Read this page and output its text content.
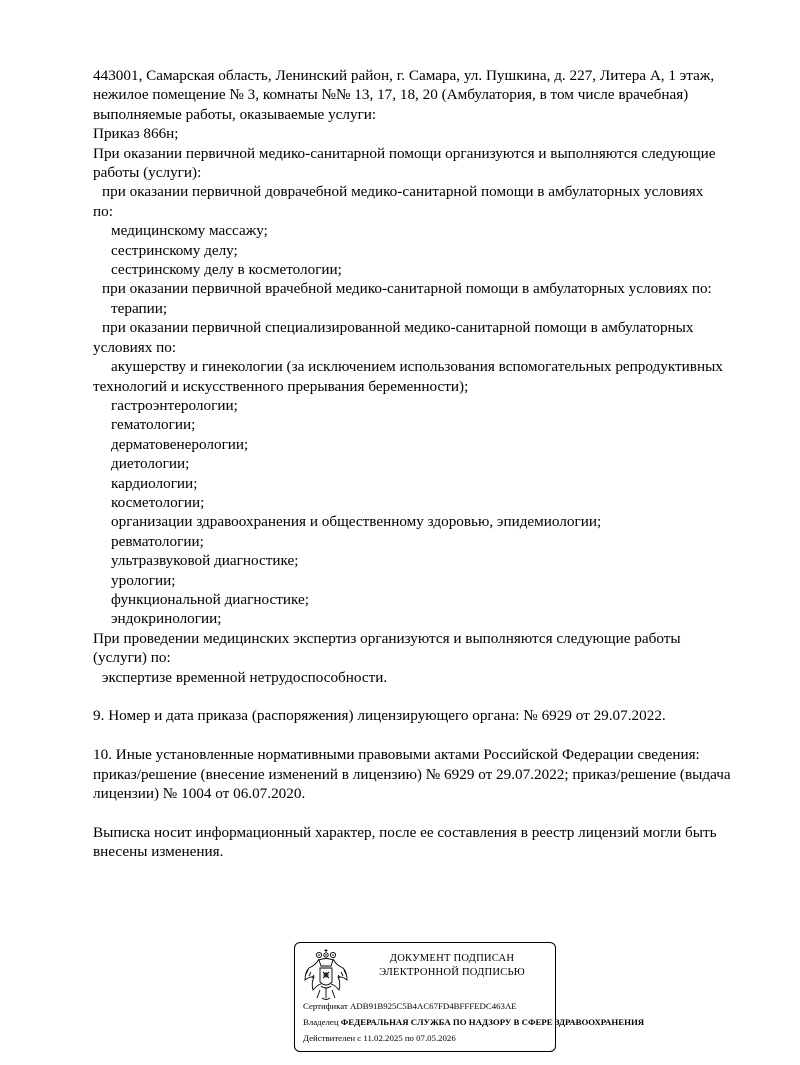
443001, Самарская область, Ленинский район, г. Самара, ул. Пушкина, д. 227, Литера А, 1 этаж,
нежилое помещение № 3, комнаты №№ 13, 17, 18, 20 (Амбулатория, в том числе врачебная)
выполняемые работы, оказываемые услуги:
Приказ 866н;
При оказании первичной медико-санитарной помощи организуются и выполняются следующие
работы (услуги):
при оказании первичной доврачебной медико-санитарной помощи в амбулаторных условиях
по:
медицинскому массажу;
сестринскому делу;
сестринскому делу в косметологии;
при оказании первичной врачебной медико-санитарной помощи в амбулаторных условиях по:
терапии;
при оказании первичной специализированной медико-санитарной помощи в амбулаторных
условиях по:
акушерству и гинекологии (за исключением использования вспомогательных репродуктивных
технологий и искусственного прерывания беременности);
гастроэнтерологии;
гематологии;
дерматовенерологии;
диетологии;
кардиологии;
косметологии;
организации здравоохранения и общественному здоровью, эпидемиологии;
ревматологии;
ультразвуковой диагностике;
урологии;
функциональной диагностике;
эндокринологии;
При проведении медицинских экспертиз организуются и выполняются следующие работы
(услуги) по:
экспертизе временной нетрудоспособности.
9. Номер и дата приказа (распоряжения) лицензирующего органа: № 6929 от 29.07.2022.
10. Иные установленные нормативными правовыми актами Российской Федерации сведения:
приказ/решение (внесение изменений в лицензию) № 6929 от 29.07.2022; приказ/решение (выдача
лицензии) № 1004 от 06.07.2020.
Выписка носит информационный характер, после ее составления в реестр лицензий могли быть
внесены изменения.
ДОКУМЕНТ ПОДПИСАН
ЭЛЕКТРОННОЙ ПОДПИСЬЮ
Сертификат ADB91B925C5B4AC67FD4BFFFEDC463AE
Владелец ФЕДЕРАЛЬНАЯ СЛУЖБА ПО НАДЗОРУ В СФЕРЕ ЗДРАВООХРАНЕНИЯ
Действителен с 11.02.2025 по 07.05.2026
